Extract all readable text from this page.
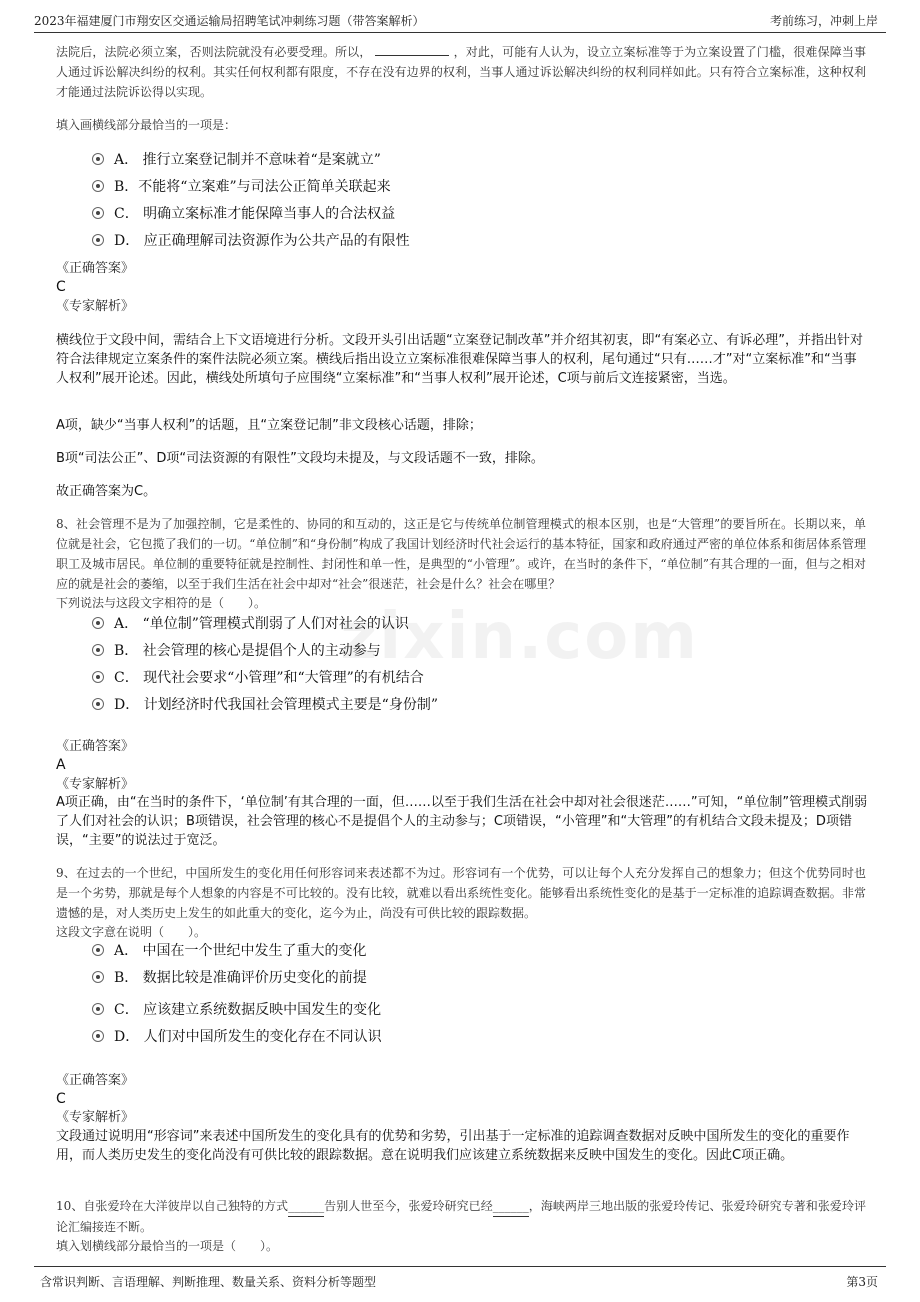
2023年福建厦门市翔安区交通运输局招聘笔试冲刺练习题（带答案解析）	考前练习，冲刺上岸
zixin.com
法院后，法院必须立案，否则法院就没有必要受理。所以，	，对此，可能有人认为，设立立案标准等于为立案设置了门槛，很难保障当事人通过诉讼解决纠纷的权利。其实任何权利都有限度，不存在没有边界的权利，当事人通过诉讼解决纠纷的权利同样如此。只有符合立案标准，这种权利才能通过法院诉讼得以实现。
填入画横线部分最恰当的一项是：
A． 推行立案登记制并不意味着“是案就立”
B．不能将“立案难”与司法公正简单关联起来
C． 明确立案标准才能保障当事人的合法权益
D． 应正确理解司法资源作为公共产品的有限性
《正确答案》
C
《专家解析》
横线位于文段中间，需结合上下文语境进行分析。文段开头引出话题“立案登记制改革”并介绍其初衷，即“有案必立、有诉必理”，并指出针对符合法律规定立案条件的案件法院必须立案。横线后指出设立立案标准很难保障当事人的权利，尾句通过“只有……才”对“立案标准”和“当事人权利”展开论述。因此，横线处所填句子应围绕“立案标准”和“当事人权利”展开论述，C项与前后文连接紧密，当选。
A项，缺少“当事人权利”的话题，且“立案登记制”非文段核心话题，排除；
B项“司法公正”、D项“司法资源的有限性”文段均未提及，与文段话题不一致，排除。
故正确答案为C。
8、社会管理不是为了加强控制，它是柔性的、协同的和互动的，这正是它与传统单位制管理模式的根本区别，也是“大管理”的要旨所在。长期以来，单位就是社会，它包揽了我们的一切。“单位制”和“身份制”构成了我国计划经济时代社会运行的基本特征，国家和政府通过严密的单位体系和街居体系管理职工及城市居民。单位制的重要特征就是控制性、封闭性和单一性，是典型的“小管理”。或许，在当时的条件下，“单位制”有其合理的一面，但与之相对应的就是社会的萎缩，以至于我们生活在社会中却对“社会”很迷茫，社会是什么？社会在哪里？
下列说法与这段文字相符的是（　　）。
A． “单位制”管理模式削弱了人们对社会的认识
B． 社会管理的核心是提倡个人的主动参与
C． 现代社会要求“小管理”和“大管理”的有机结合
D． 计划经济时代我国社会管理模式主要是“身份制”
《正确答案》
A
《专家解析》
A项正确，由“在当时的条件下，‘单位制’有其合理的一面，但……以至于我们生活在社会中却对社会很迷茫……”可知，“单位制”管理模式削弱了人们对社会的认识；B项错误，社会管理的核心不是提倡个人的主动参与；C项错误，“小管理”和“大管理”的有机结合文段未提及；D项错误，“主要”的说法过于宽泛。
9、在过去的一个世纪，中国所发生的变化用任何形容词来表述都不为过。形容词有一个优势，可以让每个人充分发挥自己的想象力；但这个优势同时也是一个劣势，那就是每个人想象的内容是不可比较的。没有比较，就难以看出系统性变化。能够看出系统性变化的是基于一定标准的追踪调查数据。非常遗憾的是，对人类历史上发生的如此重大的变化，迄今为止，尚没有可供比较的跟踪数据。
这段文字意在说明（　　）。
A． 中国在一个世纪中发生了重大的变化
B． 数据比较是准确评价历史变化的前提
C． 应该建立系统数据反映中国发生的变化
D． 人们对中国所发生的变化存在不同认识
《正确答案》
C
《专家解析》
文段通过说明用“形容词”来表述中国所发生的变化具有的优势和劣势，引出基于一定标准的追踪调查数据对反映中国所发生的变化的重要作用，而人类历史发生的变化尚没有可供比较的跟踪数据。意在说明我们应该建立系统数据来反映中国发生的变化。因此C项正确。
10、自张爱玲在大洋彼岸以自己独特的方式______告别人世至今，张爱玲研究已经______，海峡两岸三地出版的张爱玲传记、张爱玲研究专著和张爱玲评论汇编接连不断。
填入划横线部分最恰当的一项是（　　）。
含常识判断、言语理解、判断推理、数量关系、资料分析等题型	第3页
